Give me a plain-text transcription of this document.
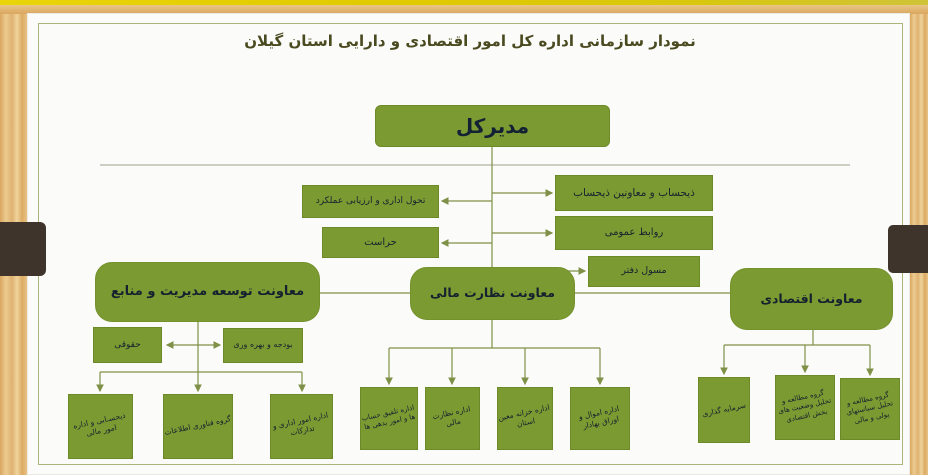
نمودار سازمانی اداره کل امور اقتصادی و دارایی استان گیلان
مدیرکل
تحول اداری و ارزیابی عملکرد
حراست
ذیحساب و معاونین ذیحساب
روابط عمومی
مسول دفتر
معاونت توسعه مدیریت و منابع	معاونت نظارت مالی	معاونت اقتصادی
حقوقی	بودجه و بهره وری
ذیحسـابی و اداره امور مالی	گروه فناوری اطلاعات	اداره امور اداری و تدارکات
اداره تلفیق حساب ها و امور بدهی ها
اداره نظارت مالی
اداره خزانه معین استان
اداره اموال و اوراق بهادار
سرمایه گذاری
گروه مطالعه و تحلیل وضعیت های بخش اقتصادی
گروه مطالعه و تحلیل سیاستهای پولی و مالی
